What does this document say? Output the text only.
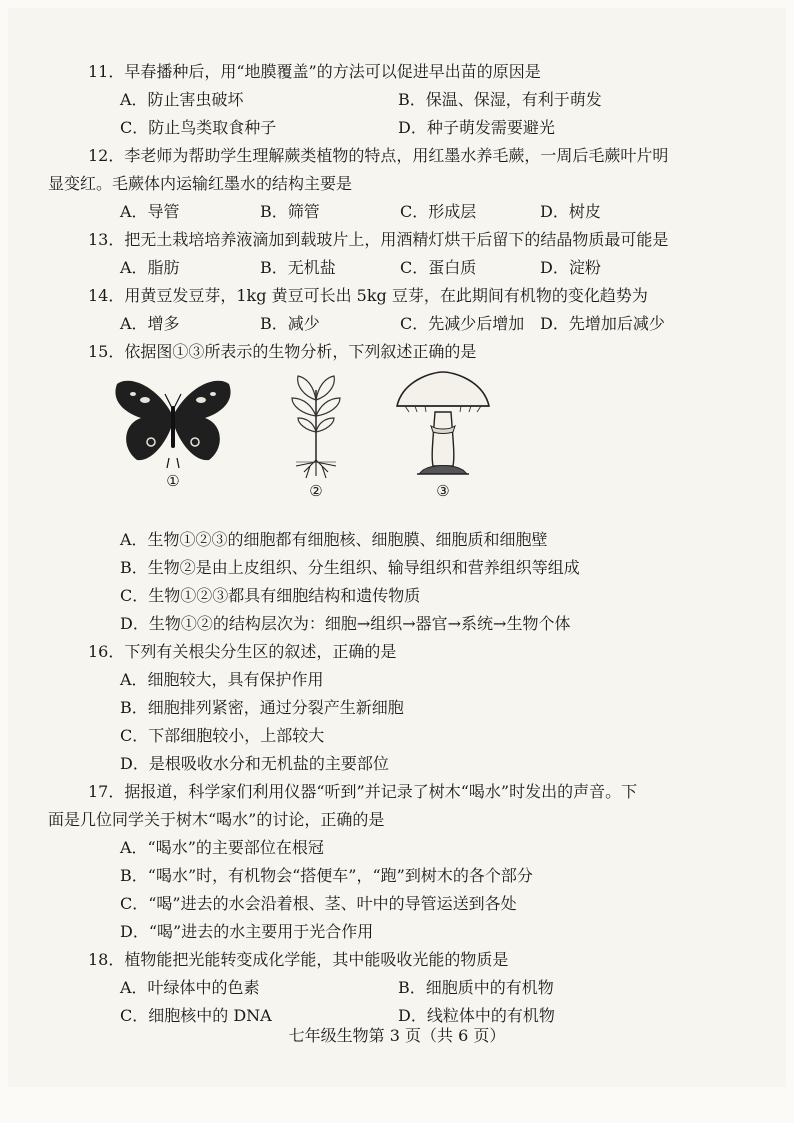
11．早春播种后，用“地膜覆盖”的方法可以促进早出苗的原因是

A．防止害虫破坏	B．保温、保湿，有利于萌发
C．防止鸟类取食种子	D．种子萌发需要避光

12．李老师为帮助学生理解蕨类植物的特点，用红墨水养毛蕨，一周后毛蕨叶片明

显变红。毛蕨体内运输红墨水的结构主要是

A．导管	B．筛管	C．形成层	D．树皮

13．把无土栽培培养液滴加到载玻片上，用酒精灯烘干后留下的结晶物质最可能是

A．脂肪	B．无机盐	C．蛋白质	D．淀粉

14．用黄豆发豆芽，1kg 黄豆可长出 5kg 豆芽，在此期间有机物的变化趋势为

A．增多	B．减少	C．先减少后增加 D．先增加后减少

15．依据图①③所表示的生物分析，下列叙述正确的是

①
②	③
A．生物①②③的细胞都有细胞核、细胞膜、细胞质和细胞壁
B．生物②是由上皮组织、分生组织、输导组织和营养组织等组成
C．生物①②③都具有细胞结构和遗传物质
D．生物①②的结构层次为：细胞→组织→器官→系统→生物个体

16．下列有关根尖分生区的叙述，正确的是

A．细胞较大，具有保护作用
B．细胞排列紧密，通过分裂产生新细胞
C．下部细胞较小，上部较大
D．是根吸收水分和无机盐的主要部位

17．据报道，科学家们利用仪器“听到”并记录了树木“喝水”时发出的声音。下

面是几位同学关于树木“喝水”的讨论，正确的是

A．“喝水”的主要部位在根冠
B．“喝水”时，有机物会“搭便车”，“跑”到树木的各个部分
C．“喝”进去的水会沿着根、茎、叶中的导管运送到各处
D．“喝”进去的水主要用于光合作用

18．植物能把光能转变成化学能，其中能吸收光能的物质是

A．叶绿体中的色素	B．细胞质中的有机物
C．细胞核中的 DNA	D．线粒体中的有机物
七年级生物第 3 页（共 6 页）
